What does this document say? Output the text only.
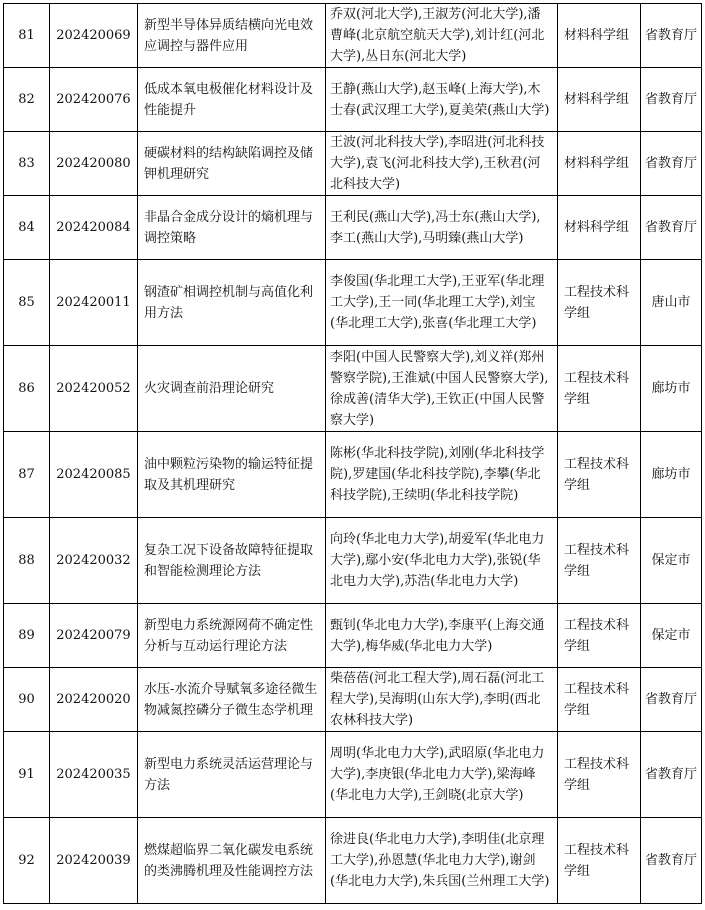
81	202420069	新型半导体异质结横向光电效应调控与器件应用	乔双(河北大学),王淑芳(河北大学),潘曹峰(北京航空航天大学),刘计红(河北大学),丛日东(河北大学)	材料科学组	省教育厅
82	202420076	低成本氧电极催化材料设计及性能提升	王静(燕山大学),赵玉峰(上海大学),木士春(武汉理工大学),夏美荣(燕山大学)	材料科学组	省教育厅
83	202420080	硬碳材料的结构缺陷调控及储钾机理研究	王波(河北科技大学),李昭进(河北科技大学),袁飞(河北科技大学),王秋君(河北科技大学)	材料科学组	省教育厅
84	202420084	非晶合金成分设计的熵机理与调控策略	王利民(燕山大学),冯士东(燕山大学),李工(燕山大学),马明臻(燕山大学)	材料科学组	省教育厅
85	202420011	钢渣矿相调控机制与高值化利用方法	李俊国(华北理工大学),王亚军(华北理工大学),王一同(华北理工大学),刘宝(华北理工大学),张喜(华北理工大学)	工程技术科学组	唐山市
86	202420052	火灾调查前沿理论研究	李阳(中国人民警察大学),刘义祥(郑州警察学院),王淮斌(中国人民警察大学),徐成善(清华大学),王钦正(中国人民警察大学)	工程技术科学组	廊坊市
87	202420085	油中颗粒污染物的输运特征提取及其机理研究	陈彬(华北科技学院),刘刚(华北科技学院),罗建国(华北科技学院),李攀(华北科技学院),王续明(华北科技学院)	工程技术科学组	廊坊市
88	202420032	复杂工况下设备故障特征提取和智能检测理论方法	向玲(华北电力大学),胡爱军(华北电力大学),鄢小安(华北电力大学),张锐(华北电力大学),苏浩(华北电力大学)	工程技术科学组	保定市
89	202420079	新型电力系统源网荷不确定性分析与互动运行理论方法	甄钊(华北电力大学),李康平(上海交通大学),梅华威(华北电力大学)	工程技术科学组	保定市
90	202420020	水压-水流介导赋氧多途径微生物减氮控磷分子微生态学机理	柴蓓蓓(河北工程大学),周石磊(河北工程大学),吴海明(山东大学),李明(西北农林科技大学)	工程技术科学组	省教育厅
91	202420035	新型电力系统灵活运营理论与方法	周明(华北电力大学),武昭原(华北电力大学),李庚银(华北电力大学),梁海峰(华北电力大学),王剑晓(北京大学)	工程技术科学组	省教育厅
92	202420039	燃煤超临界二氧化碳发电系统的类沸腾机理及性能调控方法	徐进良(华北电力大学),李明佳(北京理工大学),孙恩慧(华北电力大学),谢剑(华北电力大学),朱兵国(兰州理工大学)	工程技术科学组	省教育厅
